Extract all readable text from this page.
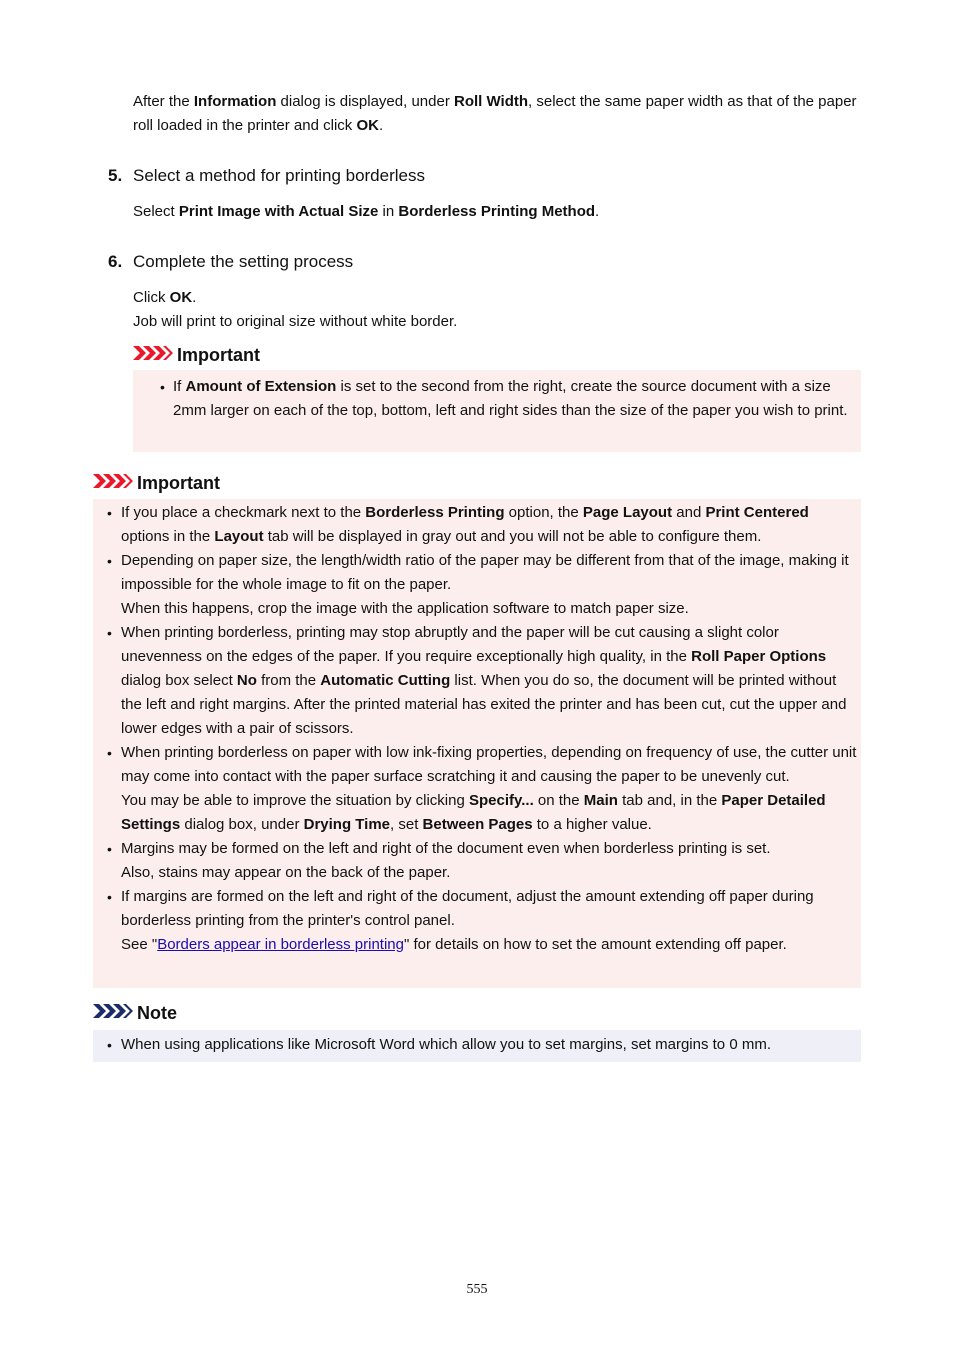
After the Information dialog is displayed, under Roll Width, select the same paper width as that of the paper roll loaded in the printer and click OK.
5. Select a method for printing borderless
Select Print Image with Actual Size in Borderless Printing Method.
6. Complete the setting process
Click OK.
Job will print to original size without white border.
Important
• If Amount of Extension is set to the second from the right, create the source document with a size 2mm larger on each of the top, bottom, left and right sides than the size of the paper you wish to print.
Important
• If you place a checkmark next to the Borderless Printing option, the Page Layout and Print Centered options in the Layout tab will be displayed in gray out and you will not be able to configure them.
• Depending on paper size, the length/width ratio of the paper may be different from that of the image, making it impossible for the whole image to fit on the paper.
When this happens, crop the image with the application software to match paper size.
• When printing borderless, printing may stop abruptly and the paper will be cut causing a slight color unevenness on the edges of the paper. If you require exceptionally high quality, in the Roll Paper Options dialog box select No from the Automatic Cutting list. When you do so, the document will be printed without the left and right margins. After the printed material has exited the printer and has been cut, cut the upper and lower edges with a pair of scissors.
• When printing borderless on paper with low ink-fixing properties, depending on frequency of use, the cutter unit may come into contact with the paper surface scratching it and causing the paper to be unevenly cut.
You may be able to improve the situation by clicking Specify... on the Main tab and, in the Paper Detailed Settings dialog box, under Drying Time, set Between Pages to a higher value.
• Margins may be formed on the left and right of the document even when borderless printing is set.
Also, stains may appear on the back of the paper.
• If margins are formed on the left and right of the document, adjust the amount extending off paper during borderless printing from the printer's control panel.
See "Borders appear in borderless printing" for details on how to set the amount extending off paper.
Note
• When using applications like Microsoft Word which allow you to set margins, set margins to 0 mm.
555
